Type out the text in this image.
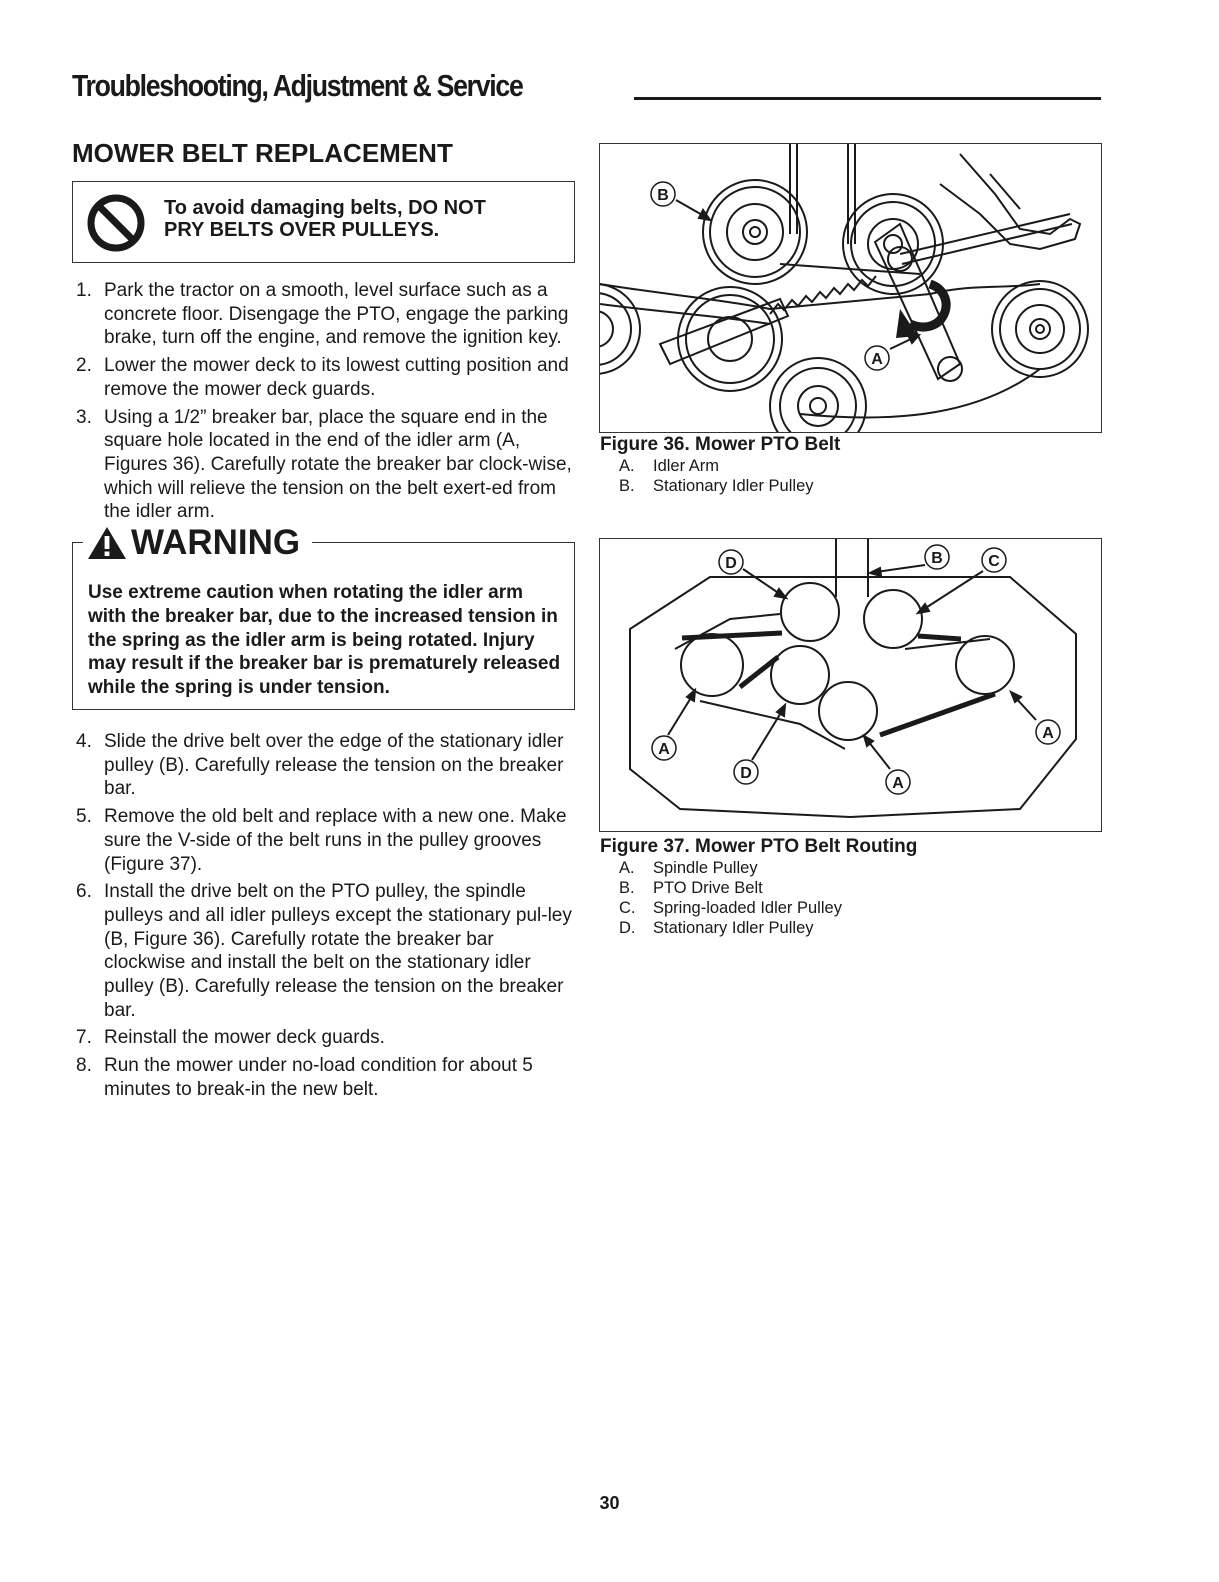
Troubleshooting, Adjustment & Service
MOWER BELT REPLACEMENT
To avoid damaging belts, DO NOT
PRY BELTS OVER PULLEYS.
1. Park the tractor on a smooth, level surface such as a concrete floor. Disengage the PTO, engage the parking brake, turn off the engine, and remove the ignition key.
2. Lower the mower deck to its lowest cutting position and remove the mower deck guards.
3. Using a 1/2” breaker bar, place the square end in the square hole located in the end of the idler arm (A, Figures 36). Carefully rotate the breaker bar clock-wise, which will relieve the tension on the belt exert-ed from the idler arm.
WARNING
Use extreme caution when rotating the idler arm with the breaker bar, due to the increased tension in the spring as the idler arm is being rotated. Injury may result if the breaker bar is prematurely released while the spring is under tension.
4. Slide the drive belt over the edge of the stationary idler pulley (B). Carefully release the tension on the breaker bar.
5. Remove the old belt and replace with a new one. Make sure the V-side of the belt runs in the pulley grooves (Figure 37).
6. Install the drive belt on the PTO pulley, the spindle pulleys and all idler pulleys except the stationary pul-ley (B, Figure 36). Carefully rotate the breaker bar clockwise and install the belt on the stationary idler pulley (B). Carefully release the tension on the breaker bar.
7. Reinstall the mower deck guards.
8. Run the mower under no-load condition for about 5 minutes to break-in the new belt.
B
A
Figure 36. Mower PTO Belt
A. Idler Arm
B. Stationary Idler Pulley
D	B	C
A
D
A
A
Figure 37. Mower PTO Belt Routing
A. Spindle Pulley
B. PTO Drive Belt
C. Spring-loaded Idler Pulley
D. Stationary Idler Pulley
30
